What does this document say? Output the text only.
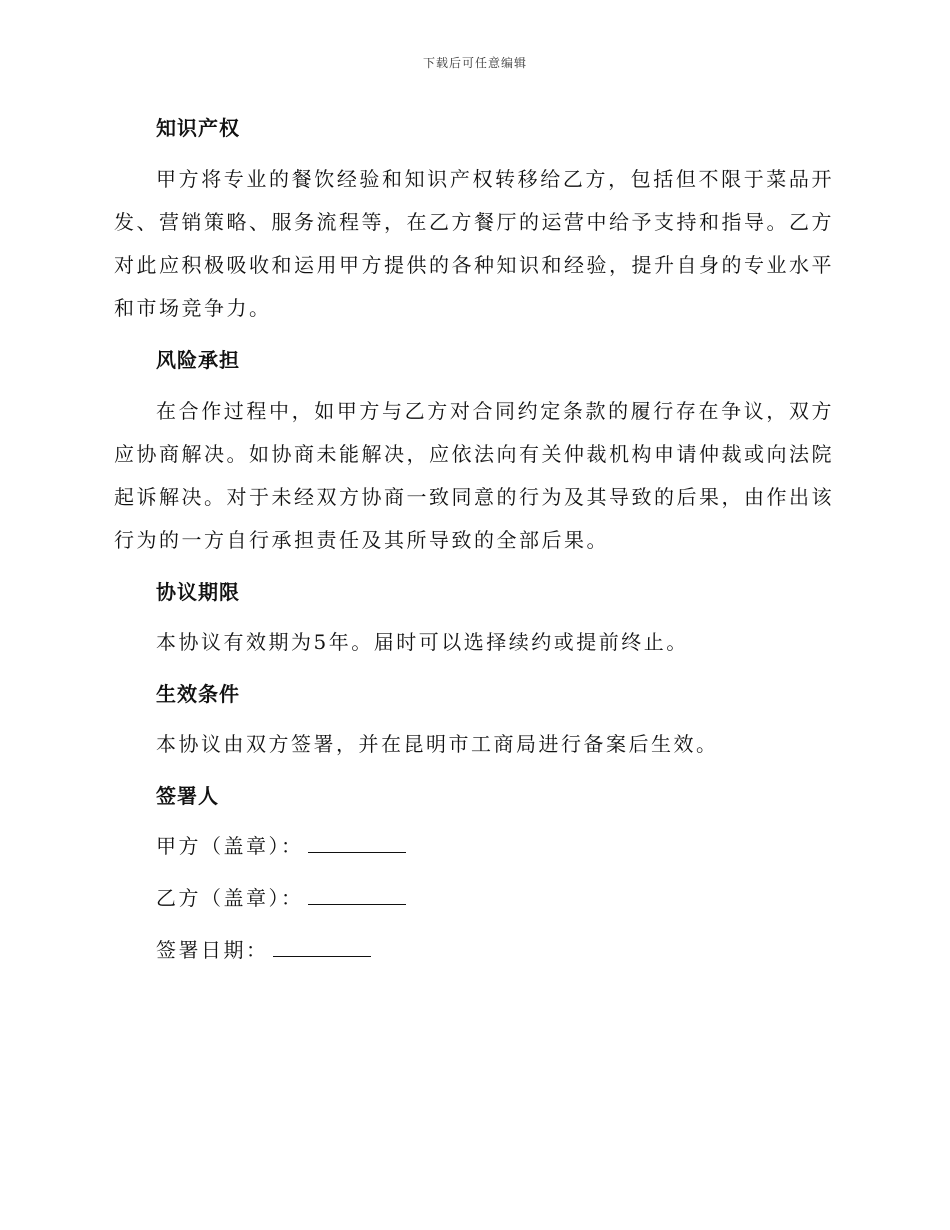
下载后可任意编辑
知识产权
甲方将专业的餐饮经验和知识产权转移给乙方，包括但不限于菜品开发、营销策略、服务流程等，在乙方餐厅的运营中给予支持和指导。乙方对此应积极吸收和运用甲方提供的各种知识和经验，提升自身的专业水平和市场竞争力。
风险承担
在合作过程中，如甲方与乙方对合同约定条款的履行存在争议，双方应协商解决。如协商未能解决，应依法向有关仲裁机构申请仲裁或向法院起诉解决。对于未经双方协商一致同意的行为及其导致的后果，由作出该行为的一方自行承担责任及其所导致的全部后果。
协议期限
本协议有效期为5年。届时可以选择续约或提前终止。
生效条件
本协议由双方签署，并在昆明市工商局进行备案后生效。
签署人
甲方（盖章）：
乙方（盖章）：
签署日期：
